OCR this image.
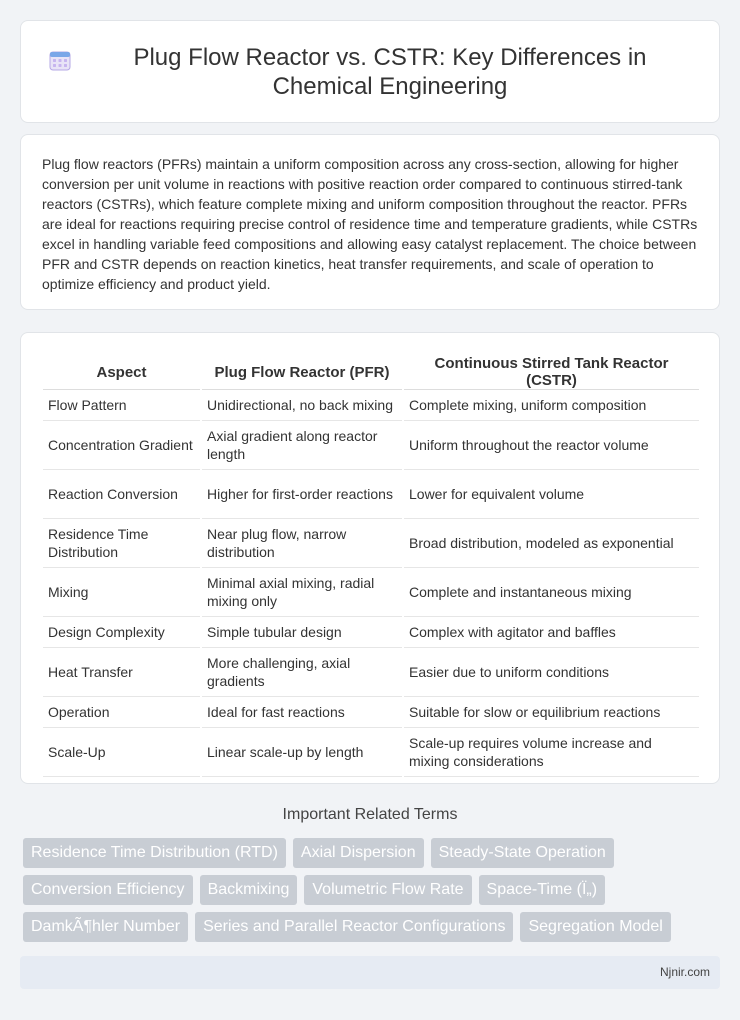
Plug Flow Reactor vs. CSTR: Key Differences in Chemical Engineering

Plug flow reactors (PFRs) maintain a uniform composition across any cross-section, allowing for higher conversion per unit volume in reactions with positive reaction order compared to continuous stirred-tank reactors (CSTRs), which feature complete mixing and uniform composition throughout the reactor. PFRs are ideal for reactions requiring precise control of residence time and temperature gradients, while CSTRs excel in handling variable feed compositions and allowing easy catalyst replacement. The choice between PFR and CSTR depends on reaction kinetics, heat transfer requirements, and scale of operation to optimize efficiency and product yield.

Aspect	Plug Flow Reactor (PFR)	Continuous Stirred Tank Reactor (CSTR)
Flow Pattern	Unidirectional, no back mixing	Complete mixing, uniform composition
Concentration Gradient	Axial gradient along reactor length	Uniform throughout the reactor volume
Reaction Conversion	Higher for first-order reactions	Lower for equivalent volume
Residence Time Distribution	Near plug flow, narrow distribution	Broad distribution, modeled as exponential
Mixing	Minimal axial mixing, radial mixing only	Complete and instantaneous mixing
Design Complexity	Simple tubular design	Complex with agitator and baffles
Heat Transfer	More challenging, axial gradients	Easier due to uniform conditions
Operation	Ideal for fast reactions	Suitable for slow or equilibrium reactions
Scale-Up	Linear scale-up by length	Scale-up requires volume increase and mixing considerations
Important Related Terms
Residence Time Distribution (RTD)	Axial Dispersion	Steady-State Operation
Conversion Efficiency	Backmixing	Volumetric Flow Rate	Space-Time (Ï„)
DamkÃ¶hler Number	Series and Parallel Reactor Configurations	Segregation Model
Njnir.com
